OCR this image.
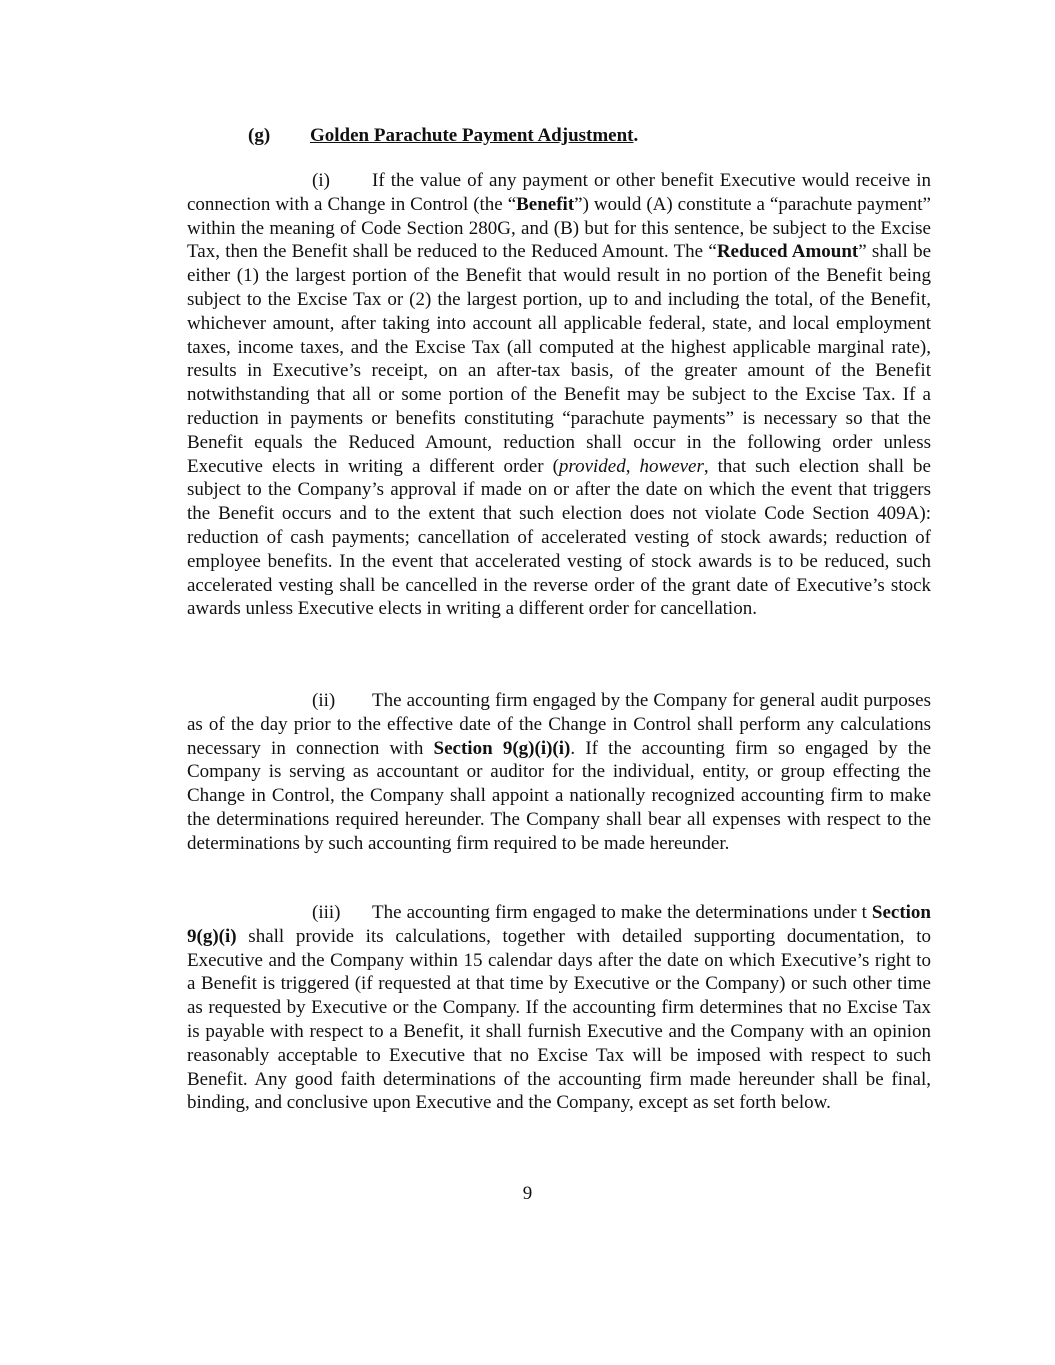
(g) Golden Parachute Payment Adjustment.

(i) If the value of any payment or other benefit Executive would receive in connection with a Change in Control (the “Benefit”) would (A) constitute a “parachute payment” within the meaning of Code Section 280G, and (B) but for this sentence, be subject to the Excise Tax, then the Benefit shall be reduced to the Reduced Amount. The “Reduced Amount” shall be either (1) the largest portion of the Benefit that would result in no portion of the Benefit being subject to the Excise Tax or (2) the largest portion, up to and including the total, of the Benefit, whichever amount, after taking into account all applicable federal, state, and local employment taxes, income taxes, and the Excise Tax (all computed at the highest applicable marginal rate), results in Executive’s receipt, on an after-tax basis, of the greater amount of the Benefit notwithstanding that all or some portion of the Benefit may be subject to the Excise Tax. If a reduction in payments or benefits constituting “parachute payments” is necessary so that the Benefit equals the Reduced Amount, reduction shall occur in the following order unless Executive elects in writing a different order (provided, however, that such election shall be subject to the Company’s approval if made on or after the date on which the event that triggers the Benefit occurs and to the extent that such election does not violate Code Section 409A): reduction of cash payments; cancellation of accelerated vesting of stock awards; reduction of employee benefits. In the event that accelerated vesting of stock awards is to be reduced, such accelerated vesting shall be cancelled in the reverse order of the grant date of Executive’s stock awards unless Executive elects in writing a different order for cancellation.

(ii) The accounting firm engaged by the Company for general audit purposes as of the day prior to the effective date of the Change in Control shall perform any calculations necessary in connection with Section 9(g)(i)(i). If the accounting firm so engaged by the Company is serving as accountant or auditor for the individual, entity, or group effecting the Change in Control, the Company shall appoint a nationally recognized accounting firm to make the determinations required hereunder. The Company shall bear all expenses with respect to the determinations by such accounting firm required to be made hereunder.

(iii) The accounting firm engaged to make the determinations under t Section 9(g)(i) shall provide its calculations, together with detailed supporting documentation, to Executive and the Company within 15 calendar days after the date on which Executive’s right to a Benefit is triggered (if requested at that time by Executive or the Company) or such other time as requested by Executive or the Company. If the accounting firm determines that no Excise Tax is payable with respect to a Benefit, it shall furnish Executive and the Company with an opinion reasonably acceptable to Executive that no Excise Tax will be imposed with respect to such Benefit. Any good faith determinations of the accounting firm made hereunder shall be final, binding, and conclusive upon Executive and the Company, except as set forth below.

9
